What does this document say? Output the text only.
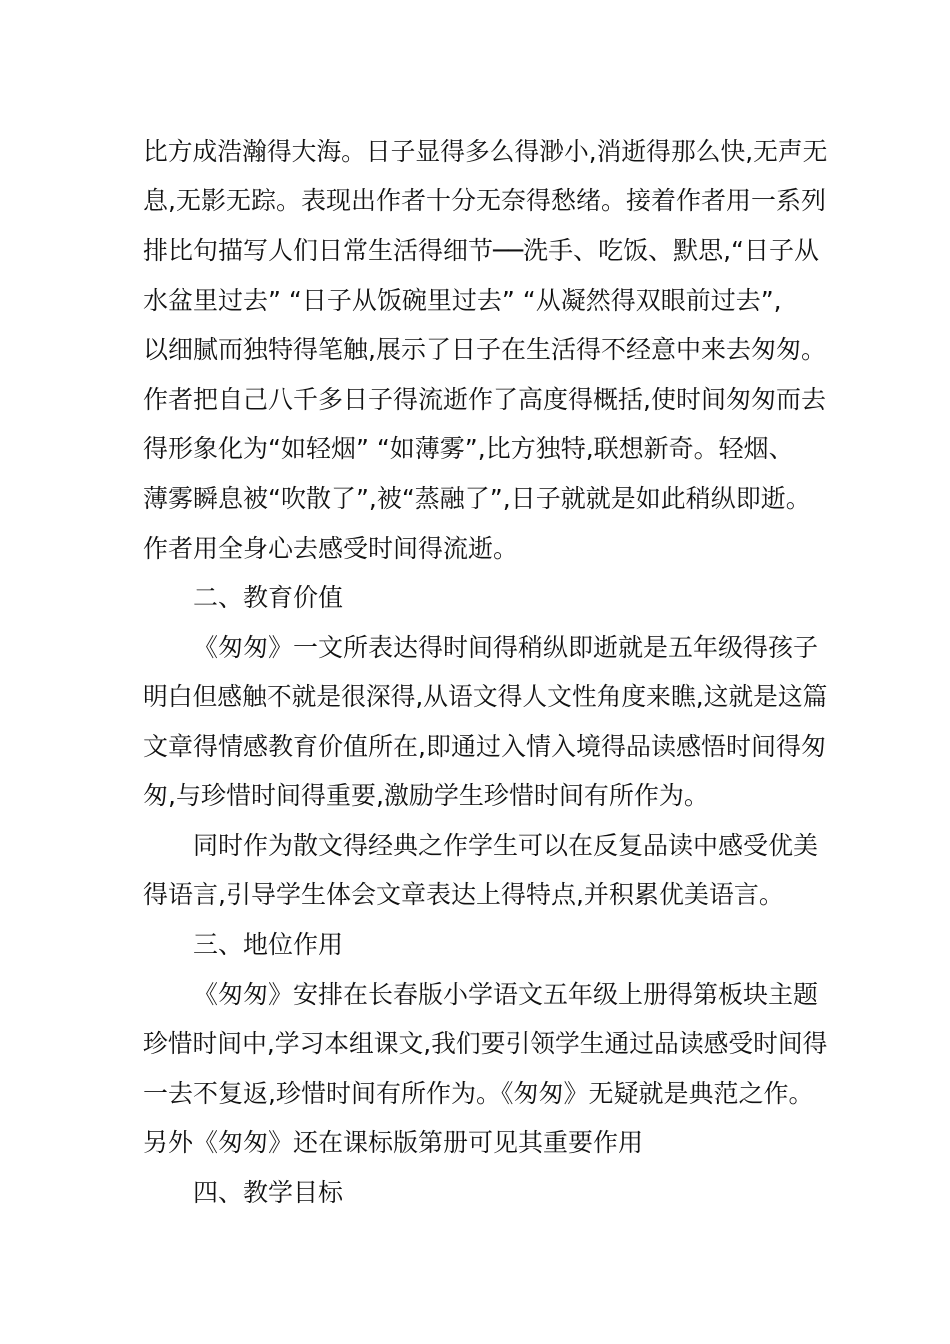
比方成浩瀚得大海。日子显得多么得渺小,消逝得那么快,无声无

息,无影无踪。表现出作者十分无奈得愁绪。接着作者用一系列

排比句描写人们日常生活得细节──洗手、吃饭、默思,“日子从

水盆里过去” “日子从饭碗里过去” “从凝然得双眼前过去”,

以细腻而独特得笔触,展示了日子在生活得不经意中来去匆匆。

作者把自己八千多日子得流逝作了高度得概括,使时间匆匆而去

得形象化为“如轻烟” “如薄雾”,比方独特,联想新奇。轻烟、

薄雾瞬息被“吹散了”,被“蒸融了”,日子就就是如此稍纵即逝。

作者用全身心去感受时间得流逝。

二、教育价值

《匆匆》一文所表达得时间得稍纵即逝就是五年级得孩子

明白但感触不就是很深得,从语文得人文性角度来瞧,这就是这篇

文章得情感教育价值所在,即通过入情入境得品读感悟时间得匆

匆,与珍惜时间得重要,激励学生珍惜时间有所作为。

同时作为散文得经典之作学生可以在反复品读中感受优美

得语言,引导学生体会文章表达上得特点,并积累优美语言。

三、地位作用

《匆匆》安排在长春版小学语文五年级上册得第板块主题

珍惜时间中,学习本组课文,我们要引领学生通过品读感受时间得

一去不复返,珍惜时间有所作为。《匆匆》无疑就是典范之作。

另外《匆匆》还在课标版第册可见其重要作用

四、教学目标
